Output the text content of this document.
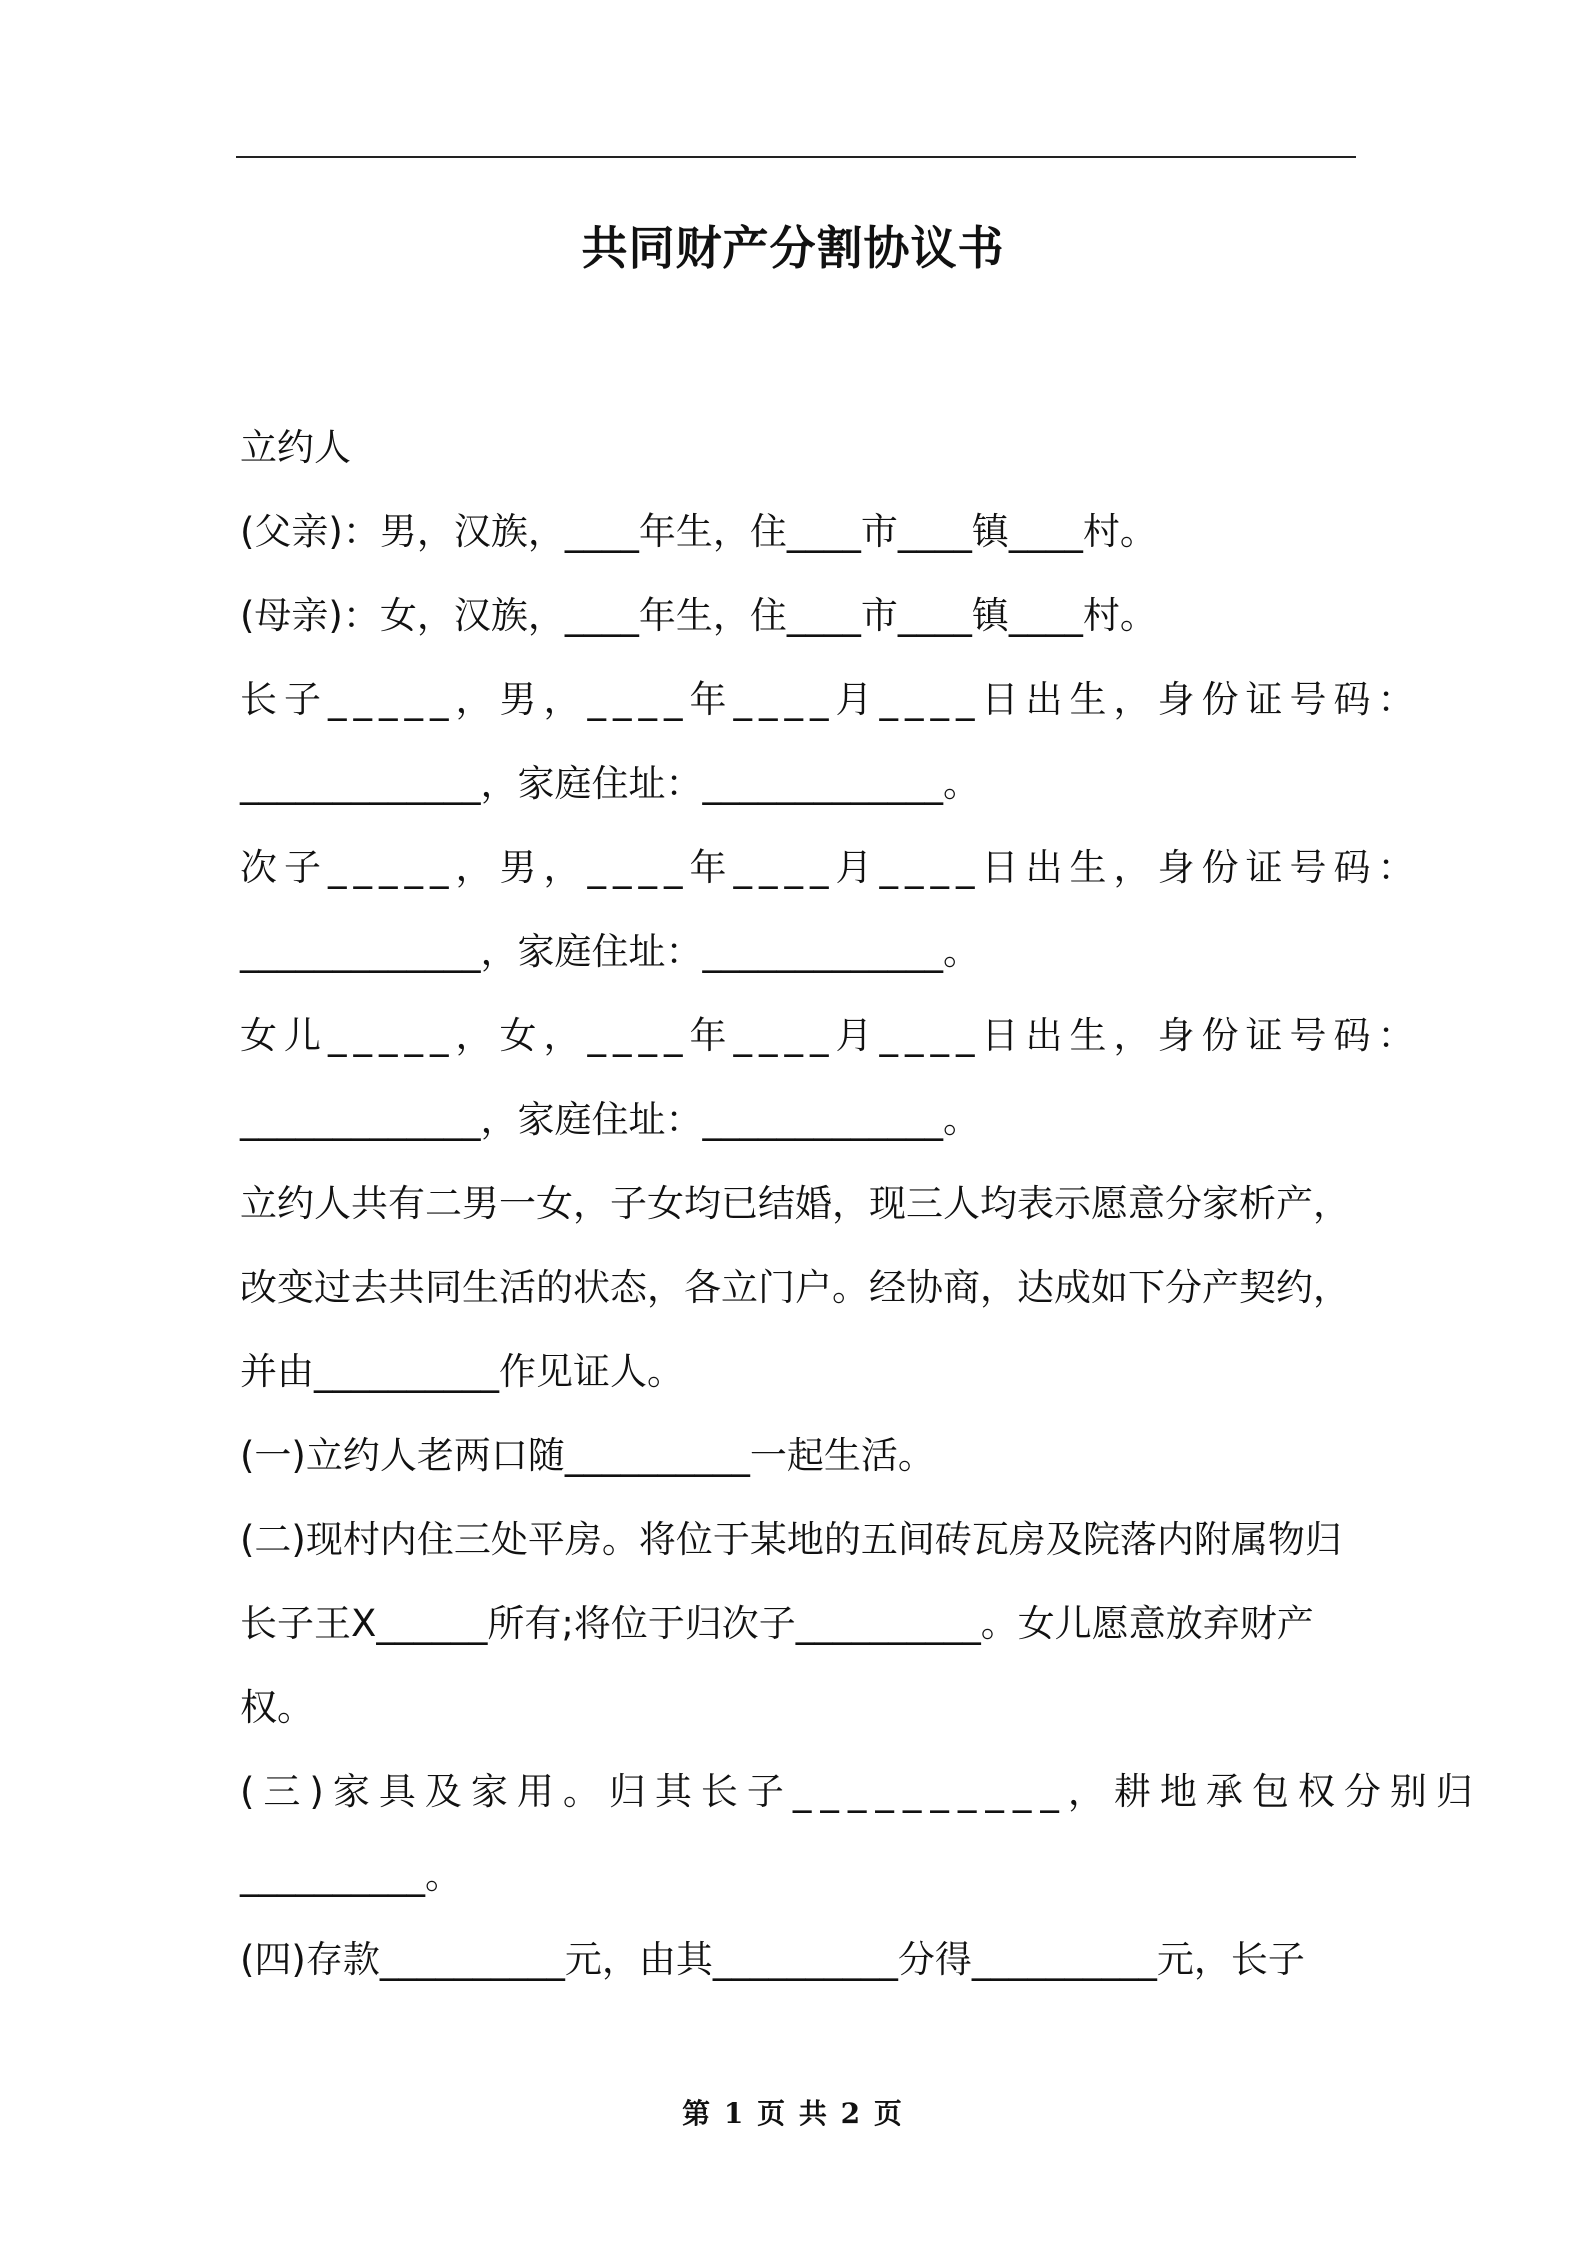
共同财产分割协议书
立约人
(父亲)：男，汉族，____年生，住____市____镇____村。
(母亲)：女，汉族，____年生，住____市____镇____村。
长子_____，男，____年____月____日出生，身份证号码：
_____________，家庭住址：_____________。
次子_____，男，____年____月____日出生，身份证号码：
_____________，家庭住址：_____________。
女儿_____，女，____年____月____日出生，身份证号码：
_____________，家庭住址：_____________。
立约人共有二男一女，子女均已结婚，现三人均表示愿意分家析产，
改变过去共同生活的状态，各立门户。经协商，达成如下分产契约，
并由__________作见证人。
(一)立约人老两口随__________一起生活。
(二)现村内住三处平房。将位于某地的五间砖瓦房及院落内附属物归
长子王X______所有;将位于归次子__________。女儿愿意放弃财产
权。
(三)家具及家用。归其长子__________，耕地承包权分别归
__________。
(四)存款__________元，由其__________分得__________元，长子
第 1 页 共 2 页
